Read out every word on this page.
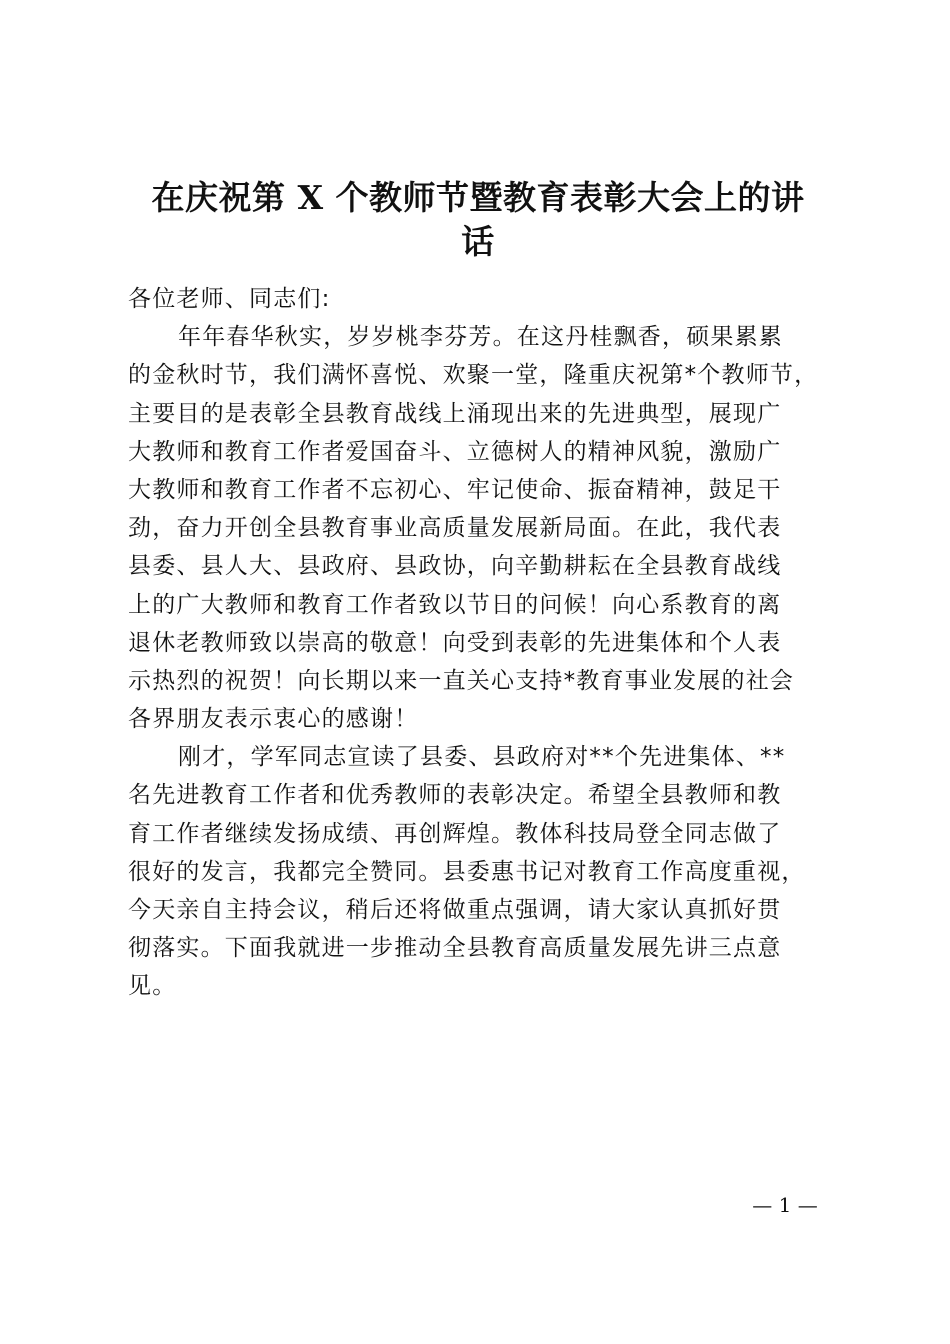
在庆祝第 X 个教师节暨教育表彰大会上的讲
话
各位老师、同志们:
年年春华秋实，岁岁桃李芬芳。在这丹桂飘香，硕果累累
的金秋时节，我们满怀喜悦、欢聚一堂，隆重庆祝第*个教师节，
主要目的是表彰全县教育战线上涌现出来的先进典型，展现广
大教师和教育工作者爱国奋斗、立德树人的精神风貌，激励广
大教师和教育工作者不忘初心、牢记使命、振奋精神，鼓足干
劲，奋力开创全县教育事业高质量发展新局面。在此，我代表
县委、县人大、县政府、县政协，向辛勤耕耘在全县教育战线
上的广大教师和教育工作者致以节日的问候！向心系教育的离
退休老教师致以崇高的敬意！向受到表彰的先进集体和个人表
示热烈的祝贺！向长期以来一直关心支持*教育事业发展的社会
各界朋友表示衷心的感谢！
刚才，学军同志宣读了县委、县政府对**个先进集体、**
名先进教育工作者和优秀教师的表彰决定。希望全县教师和教
育工作者继续发扬成绩、再创辉煌。教体科技局登全同志做了
很好的发言，我都完全赞同。县委惠书记对教育工作高度重视，
今天亲自主持会议，稍后还将做重点强调，请大家认真抓好贯
彻落实。下面我就进一步推动全县教育高质量发展先讲三点意
见。
— 1 —
